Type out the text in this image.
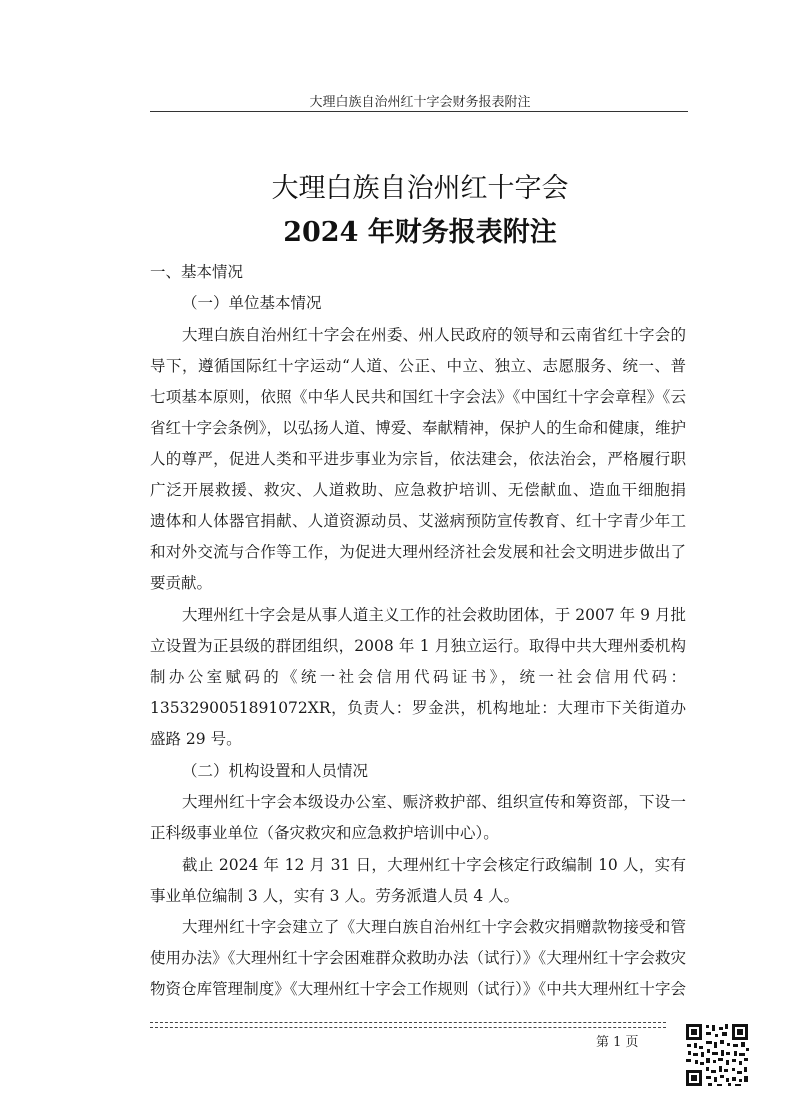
大理白族自治州红十字会财务报表附注
大理白族自治州红十字会
2024 年财务报表附注
一、基本情况
（一）单位基本情况
大理白族自治州红十字会在州委、州人民政府的领导和云南省红十字会的
导下，遵循国际红十字运动“人道、公正、中立、独立、志愿服务、统一、普
七项基本原则，依照《中华人民共和国红十字会法》《中国红十字会章程》《云
省红十字会条例》，以弘扬人道、博爱、奉献精神，保护人的生命和健康，维护
人的尊严，促进人类和平进步事业为宗旨，依法建会，依法治会，严格履行职
广泛开展救援、救灾、人道救助、应急救护培训、无偿献血、造血干细胞捐
遗体和人体器官捐献、人道资源动员、艾滋病预防宣传教育、红十字青少年工
和对外交流与合作等工作，为促进大理州经济社会发展和社会文明进步做出了
要贡献。
大理州红十字会是从事人道主义工作的社会救助团体，于 2007 年 9 月批
立设置为正县级的群团组织，2008 年 1 月独立运行。取得中共大理州委机构
制办公室赋码的《统一社会信用代码证书》，统一社会信用代码：
1353290051891072XR，负责人：罗金洪，机构地址：大理市下关街道办
盛路 29 号。
（二）机构设置和人员情况
大理州红十字会本级设办公室、赈济救护部、组织宣传和筹资部，下设一
正科级事业单位（备灾救灾和应急救护培训中心）。
截止 2024 年 12 月 31 日，大理州红十字会核定行政编制 10 人，实有
事业单位编制 3 人，实有 3 人。劳务派遣人员 4 人。
大理州红十字会建立了《大理白族自治州红十字会救灾捐赠款物接受和管
使用办法》《大理州红十字会困难群众救助办法（试行）》《大理州红十字会救灾
物资仓库管理制度》《大理州红十字会工作规则（试行）》《中共大理州红十字会
第 1 页
